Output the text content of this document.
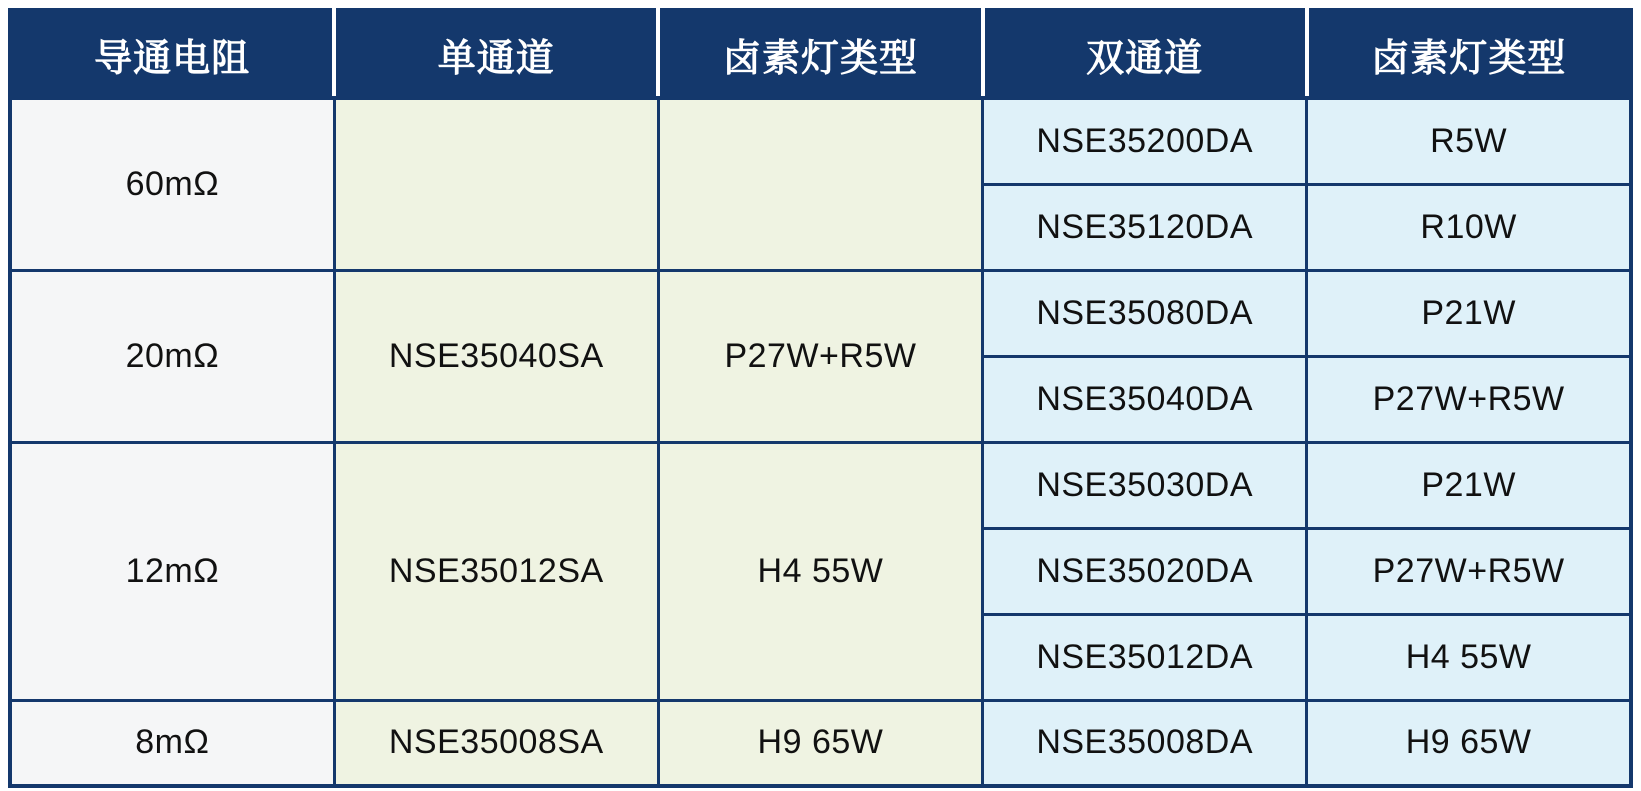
导通电阻	单通道	卤素灯类型	双通道	卤素灯类型
60mΩ			NSE35200DA	R5W
			NSE35120DA	R10W
20mΩ	NSE35040SA	P27W+R5W	NSE35080DA	P21W
			NSE35040DA	P27W+R5W
12mΩ	NSE35012SA	H4 55W	NSE35030DA	P21W
			NSE35020DA	P27W+R5W
			NSE35012DA	H4 55W
8mΩ	NSE35008SA	H9 65W	NSE35008DA	H9 65W
